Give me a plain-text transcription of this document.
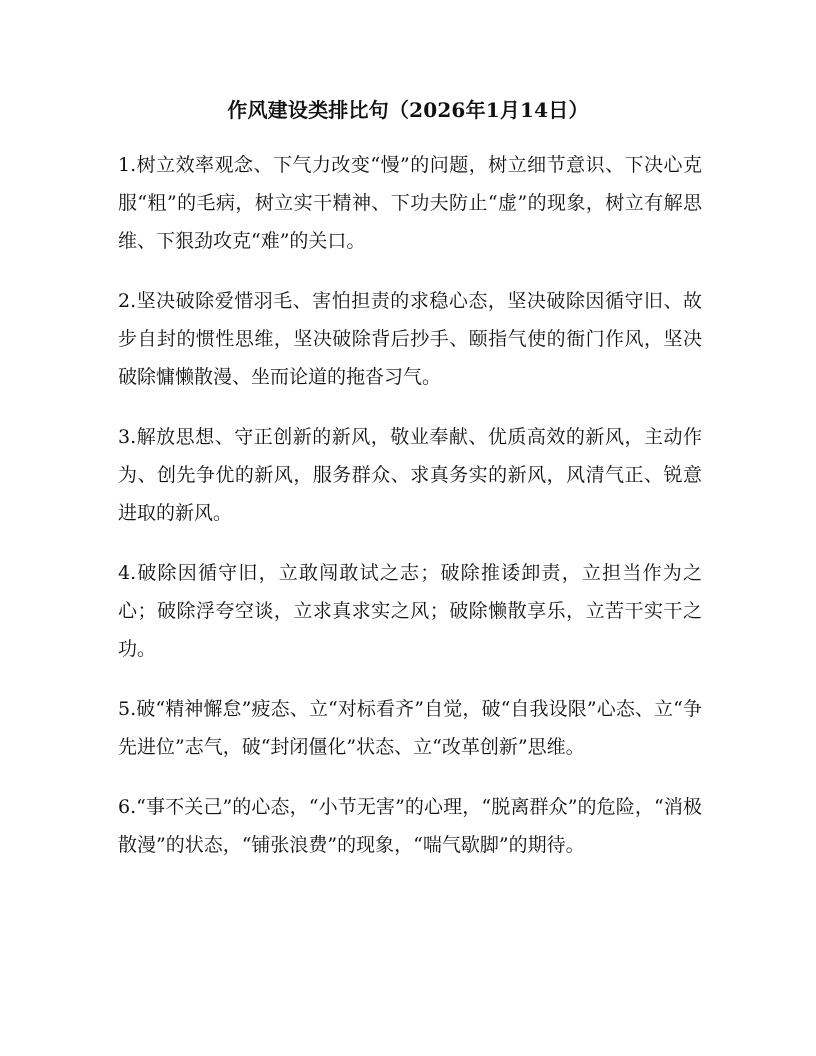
作风建设类排比句（2026年1月14日）

1.树立效率观念、下气力改变“慢”的问题，树立细节意识、下决心克服“粗”的毛病，树立实干精神、下功夫防止“虚”的现象，树立有解思维、下狠劲攻克“难”的关口。

2.坚决破除爱惜羽毛、害怕担责的求稳心态，坚决破除因循守旧、故步自封的惯性思维，坚决破除背后抄手、颐指气使的衙门作风，坚决破除慵懒散漫、坐而论道的拖沓习气。

3.解放思想、守正创新的新风，敬业奉献、优质高效的新风，主动作为、创先争优的新风，服务群众、求真务实的新风，风清气正、锐意进取的新风。

4.破除因循守旧，立敢闯敢试之志；破除推诿卸责，立担当作为之心；破除浮夸空谈，立求真求实之风；破除懒散享乐，立苦干实干之功。

5.破“精神懈怠”疲态、立“对标看齐”自觉，破“自我设限”心态、立“争先进位”志气，破“封闭僵化”状态、立“改革创新”思维。

6.“事不关己”的心态，“小节无害”的心理，“脱离群众”的危险，“消极散漫”的状态，“铺张浪费”的现象，“喘气歇脚”的期待。
